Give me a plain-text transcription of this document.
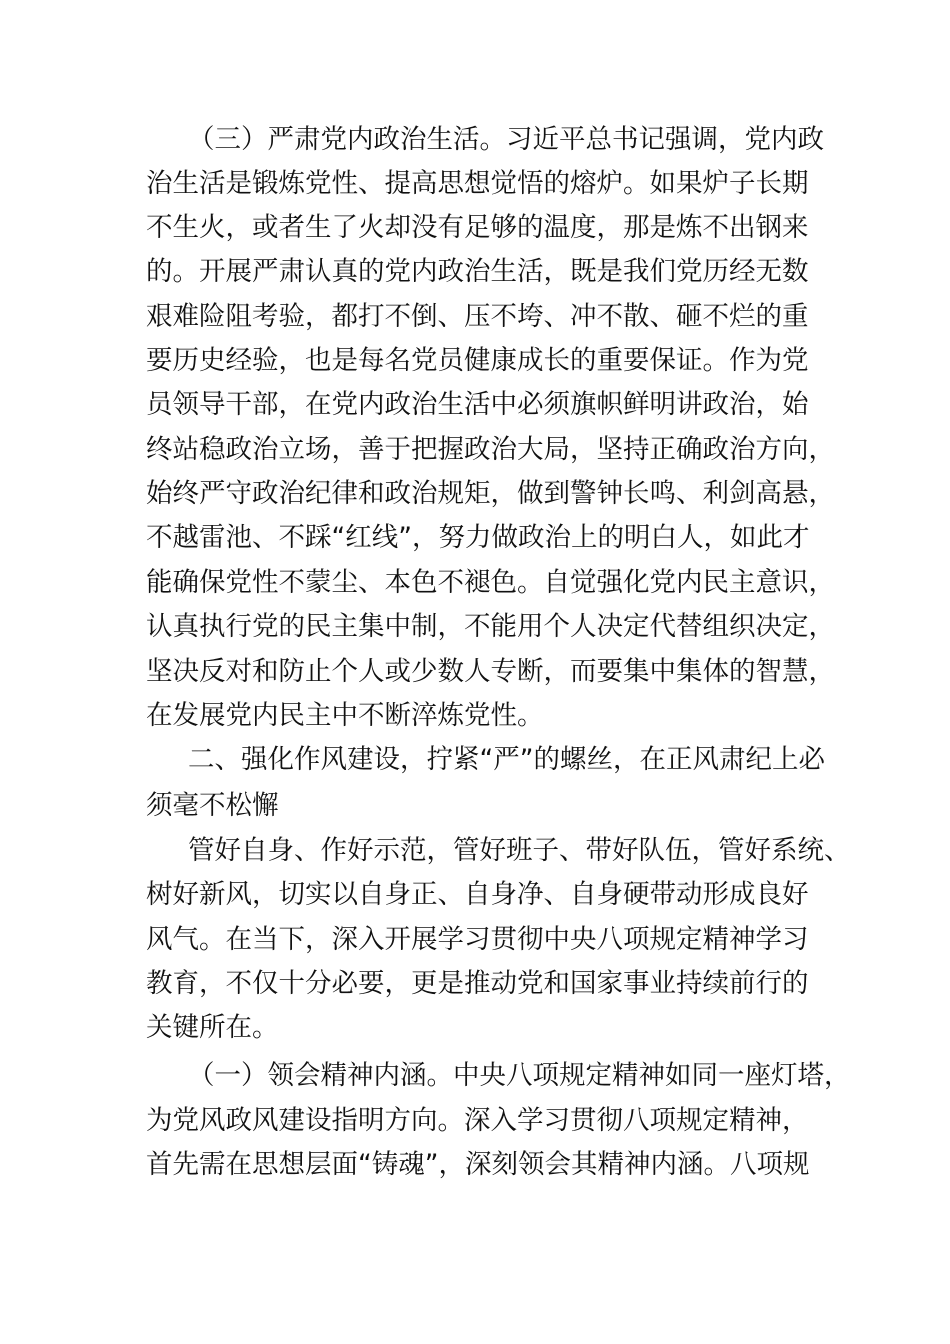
（三）严肃党内政治生活。习近平总书记强调，党内政
治生活是锻炼党性、提高思想觉悟的熔炉。如果炉子长期
不生火，或者生了火却没有足够的温度，那是炼不出钢来
的。开展严肃认真的党内政治生活，既是我们党历经无数
艰难险阻考验，都打不倒、压不垮、冲不散、砸不烂的重
要历史经验，也是每名党员健康成长的重要保证。作为党
员领导干部，在党内政治生活中必须旗帜鲜明讲政治，始
终站稳政治立场，善于把握政治大局，坚持正确政治方向，
始终严守政治纪律和政治规矩，做到警钟长鸣、利剑高悬，
不越雷池、不踩“红线”，努力做政治上的明白人，如此才
能确保党性不蒙尘、本色不褪色。自觉强化党内民主意识，
认真执行党的民主集中制，不能用个人决定代替组织决定，
坚决反对和防止个人或少数人专断，而要集中集体的智慧，
在发展党内民主中不断淬炼党性。
二、强化作风建设，拧紧“严”的螺丝，在正风肃纪上必
须毫不松懈
管好自身、作好示范，管好班子、带好队伍，管好系统、
树好新风，切实以自身正、自身净、自身硬带动形成良好
风气。在当下，深入开展学习贯彻中央八项规定精神学习
教育，不仅十分必要，更是推动党和国家事业持续前行的
关键所在。
（一）领会精神内涵。中央八项规定精神如同一座灯塔，
为党风政风建设指明方向。深入学习贯彻八项规定精神，
首先需在思想层面“铸魂”，深刻领会其精神内涵。八项规
